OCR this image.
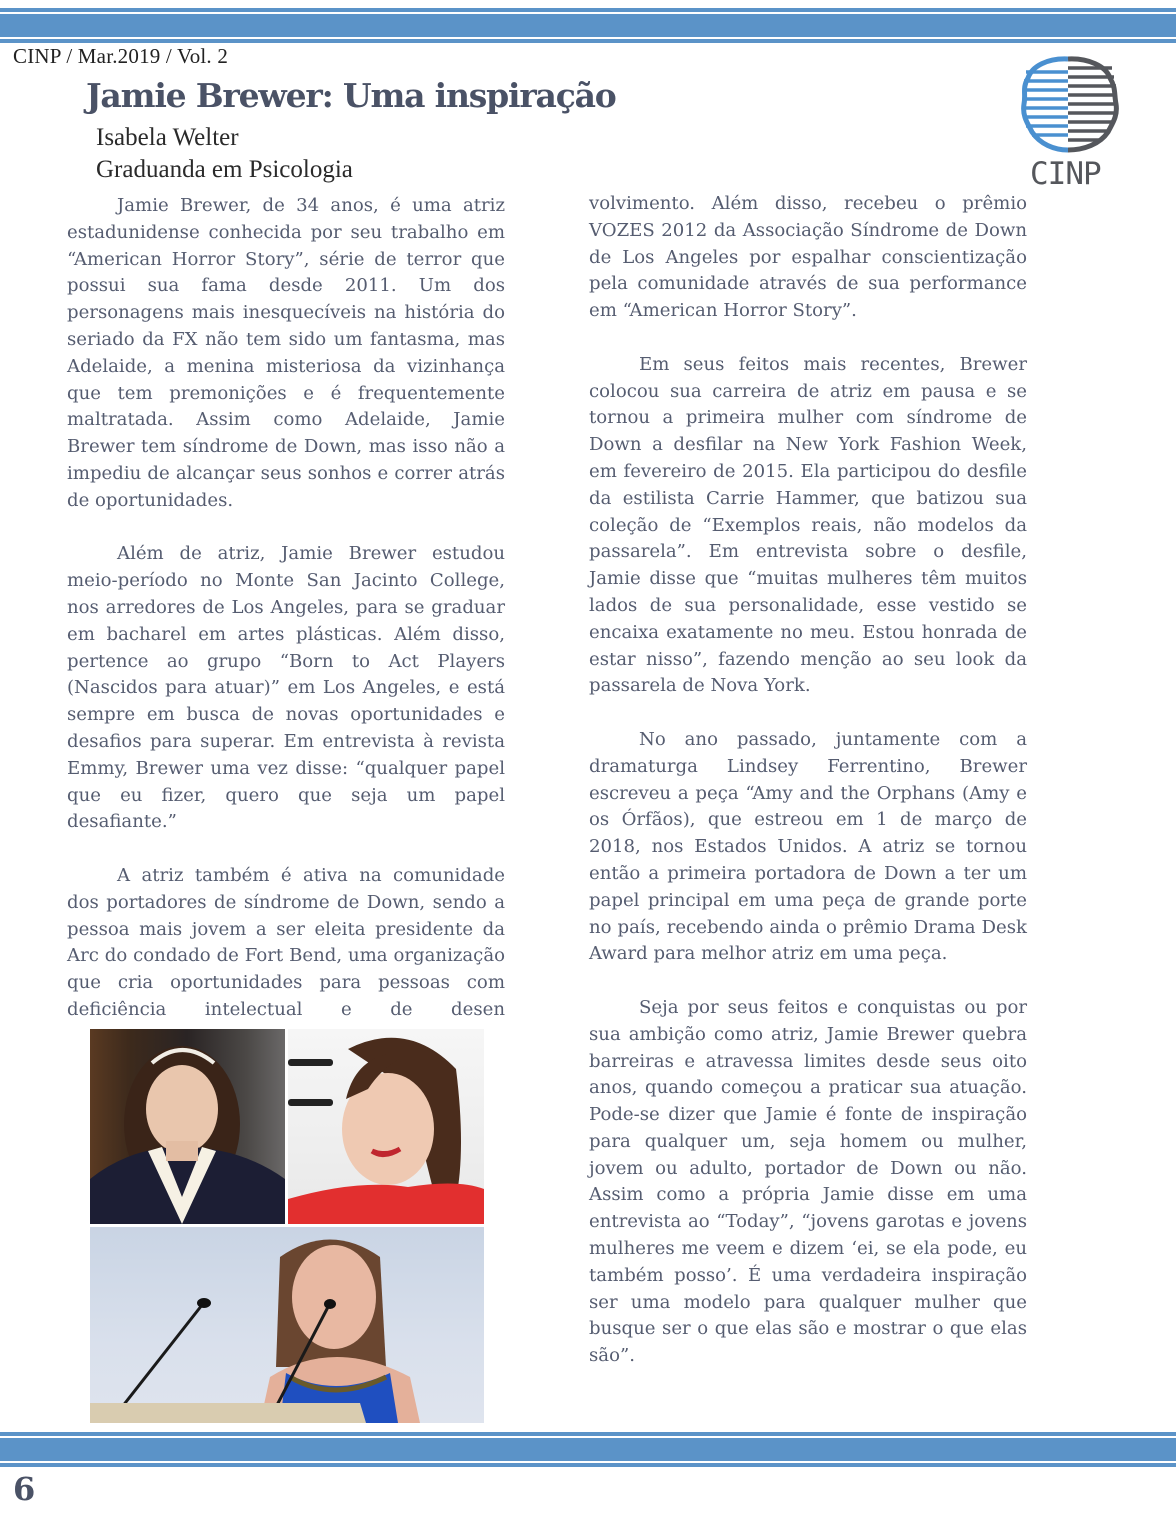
CINP / Mar.2019 / Vol. 2
Jamie Brewer: Uma inspiração
Isabela Welter
Graduanda em Psicologia	CINP

Jamie Brewer, de 34 anos, é uma atriz estadunidense conhecida por seu trabalho em “American Horror Story”, série de terror que possui sua fama desde 2011. Um dos personagens mais inesquecíveis na história do seriado da FX não tem sido um fantasma, mas Adelaide, a menina misteriosa da vizinhança que tem premonições e é frequentemente maltratada. Assim como Adelaide, Jamie Brewer tem síndrome de Down, mas isso não a impediu de alcançar seus sonhos e correr atrás de oportunidades.

Além de atriz, Jamie Brewer estudou meio-período no Monte San Jacinto College, nos arredores de Los Angeles, para se graduar em bacharel em artes plásticas. Além disso, pertence ao grupo “Born to Act Players (Nascidos para atuar)” em Los Angeles, e está sempre em busca de novas oportunidades e desafios para superar. Em entrevista à revista Emmy, Brewer uma vez disse: “qualquer papel que eu fizer, quero que seja um papel desafiante.”

A atriz também é ativa na comunidade dos portadores de síndrome de Down, sendo a pessoa mais jovem a ser eleita presidente da Arc do condado de Fort Bend, uma organização que cria oportunidades para pessoas com deficiência intelectual e de desen

volvimento. Além disso, recebeu o prêmio VOZES 2012 da Associação Síndrome de Down de Los Angeles por espalhar conscientização pela comunidade através de sua performance em “American Horror Story”.

Em seus feitos mais recentes, Brewer colocou sua carreira de atriz em pausa e se tornou a primeira mulher com síndrome de Down a desfilar na New York Fashion Week, em fevereiro de 2015. Ela participou do desfile da estilista Carrie Hammer, que batizou sua coleção de “Exemplos reais, não modelos da passarela”. Em entrevista sobre o desfile, Jamie disse que “muitas mulheres têm muitos lados de sua personalidade, esse vestido se encaixa exatamente no meu. Estou honrada de estar nisso”, fazendo menção ao seu look da passarela de Nova York.

No ano passado, juntamente com a dramaturga Lindsey Ferrentino, Brewer escreveu a peça “Amy and the Orphans (Amy e os Órfãos), que estreou em 1 de março de 2018, nos Estados Unidos. A atriz se tornou então a primeira portadora de Down a ter um papel principal em uma peça de grande porte no país, recebendo ainda o prêmio Drama Desk Award para melhor atriz em uma peça.

Seja por seus feitos e conquistas ou por sua ambição como atriz, Jamie Brewer quebra barreiras e atravessa limites desde seus oito anos, quando começou a praticar sua atuação. Pode-se dizer que Jamie é fonte de inspiração para qualquer um, seja homem ou mulher, jovem ou adulto, portador de Down ou não. Assim como a própria Jamie disse em uma entrevista ao “Today”, “jovens garotas e jovens mulheres me veem e dizem ‘ei, se ela pode, eu também posso’. É uma verdadeira inspiração ser uma modelo para qualquer mulher que busque ser o que elas são e mostrar o que elas são”.

6
